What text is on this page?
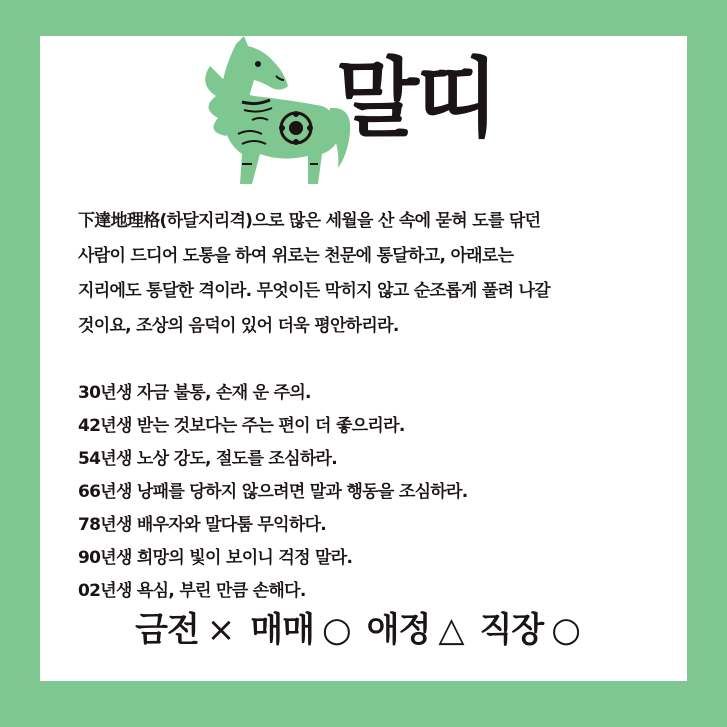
말띠
下達地理格(하달지리격)으로 많은 세월을 산 속에 묻혀 도를 닦던
사람이 드디어 도통을 하여 위로는 천문에 통달하고, 아래로는
지리에도 통달한 격이라. 무엇이든 막히지 않고 순조롭게 풀려 나갈
것이요, 조상의 음덕이 있어 더욱 평안하리라.
30년생 자금 불통, 손재 운 주의.
42년생 받는 것보다는 주는 편이 더 좋으리라.
54년생 노상 강도, 절도를 조심하라.
66년생 낭패를 당하지 않으려면 말과 행동을 조심하라.
78년생 배우자와 말다툼 무익하다.
90년생 희망의 빛이 보이니 걱정 말라.
02년생 욕심, 부린 만큼 손해다.
금전 × 매매 ○ 애정 △ 직장 ○
